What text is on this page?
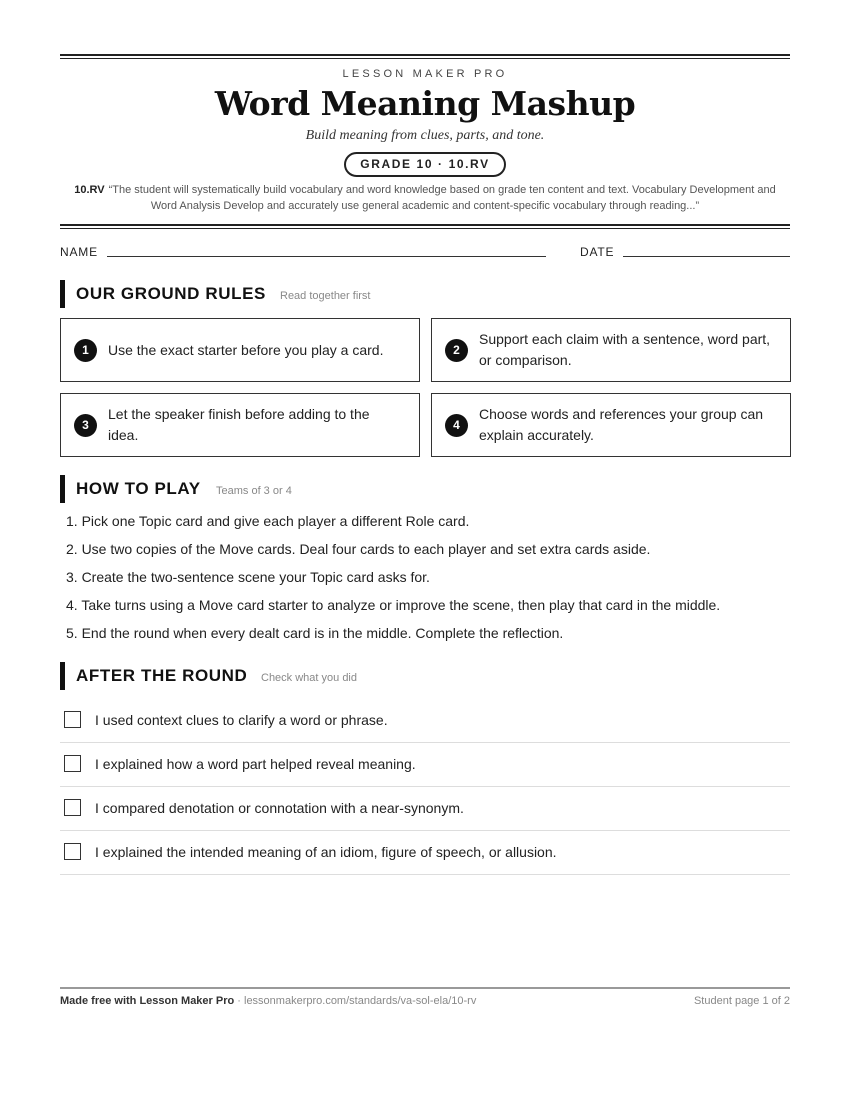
LESSON MAKER PRO
Word Meaning Mashup
Build meaning from clues, parts, and tone.
GRADE 10 · 10.RV
10.RV “The student will systematically build vocabulary and word knowledge based on grade ten content and text. Vocabulary Development and Word Analysis Develop and accurately use general academic and content-specific vocabulary through reading...”
NAME	DATE
OUR GROUND RULES Read together first
1	Use the exact starter before you play a card.	2
Support each claim with a sentence, word part, or comparison.
3
Let the speaker finish before adding to the idea.
4
Choose words and references your group can explain accurately.
HOW TO PLAY Teams of 3 or 4
1. Pick one Topic card and give each player a different Role card.
2. Use two copies of the Move cards. Deal four cards to each player and set extra cards aside.
3. Create the two-sentence scene your Topic card asks for.
4. Take turns using a Move card starter to analyze or improve the scene, then play that card in the middle.
5. End the round when every dealt card is in the middle. Complete the reflection.
AFTER THE ROUND Check what you did
I used context clues to clarify a word or phrase.
I explained how a word part helped reveal meaning.
I compared denotation or connotation with a near-synonym.
I explained the intended meaning of an idiom, figure of speech, or allusion.
Made free with Lesson Maker Pro · lessonmakerpro.com/standards/va-sol-ela/10-rv	Student page 1 of 2
